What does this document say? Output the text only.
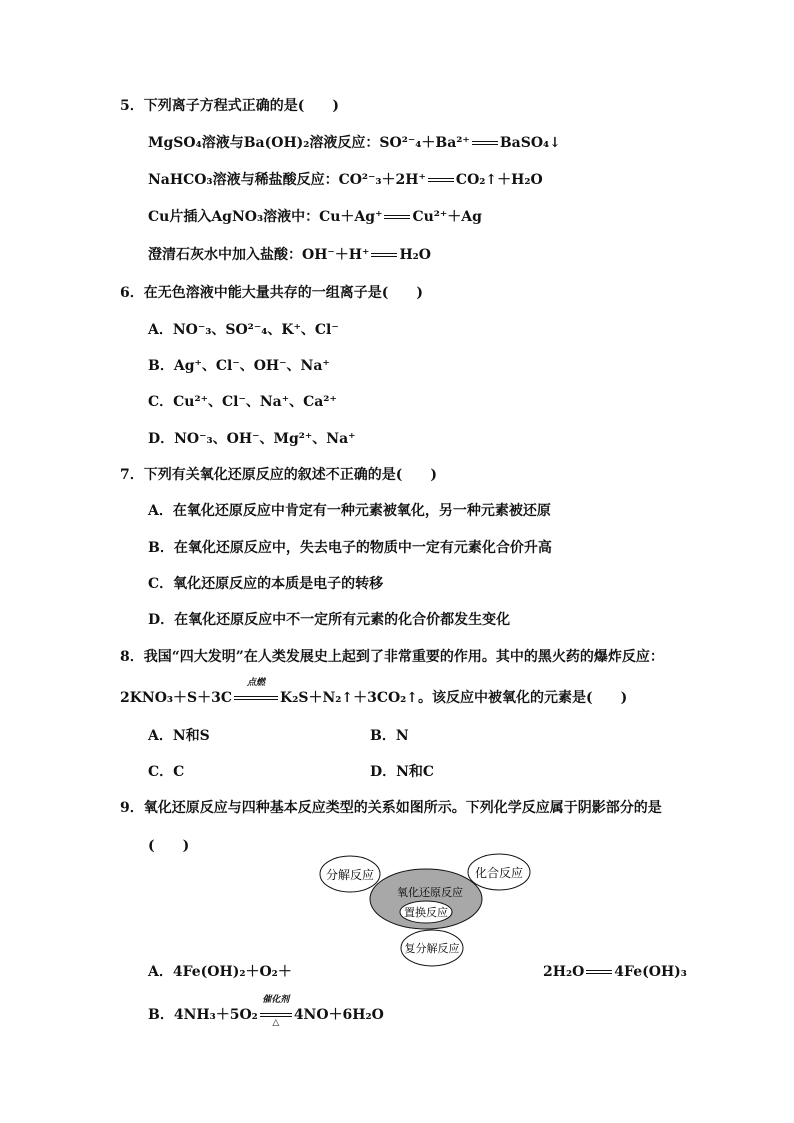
5．下列离子方程式正确的是(　　)
MgSO₄溶液与Ba(OH)₂溶液反应：SO²⁻₄＋Ba²⁺ BaSO₄↓
NaHCO₃溶液与稀盐酸反应：CO²⁻₃＋2H⁺ CO₂↑＋H₂O
Cu片插入AgNO₃溶液中：Cu＋Ag⁺ Cu²⁺＋Ag
澄清石灰水中加入盐酸：OH⁻＋H⁺ H₂O
6．在无色溶液中能大量共存的一组离子是(　　)
A．NO⁻₃、SO²⁻₄、K⁺、Cl⁻
B．Ag⁺、Cl⁻、OH⁻、Na⁺
C．Cu²⁺、Cl⁻、Na⁺、Ca²⁺
D．NO⁻₃、OH⁻、Mg²⁺、Na⁺
7．下列有关氧化还原反应的叙述不正确的是(　　)
A．在氧化还原反应中肯定有一种元素被氧化，另一种元素被还原
B．在氧化还原反应中，失去电子的物质中一定有元素化合价升高
C．氧化还原反应的本质是电子的转移
D．在氧化还原反应中不一定所有元素的化合价都发生变化
8．我国“四大发明”在人类发展史上起到了非常重要的作用。其中的黑火药的爆炸反应：
2KNO₃＋S＋3C
点燃
K₂S＋N₂↑＋3CO₂↑。该反应中被氧化的元素是(　　)
A．N和S	B．N
C．C	D．N和C
9．氧化还原反应与四种基本反应类型的关系如图所示。下列化学反应属于阴影部分的是
(　　)
分解反应	化合反应
氧化还原反应
置换反应
复分解反应
A．4Fe(OH)₂＋O₂＋	2H₂O 4Fe(OH)₃
B．4NH₃＋5O₂
催化剂
△	4NO＋6H₂O
